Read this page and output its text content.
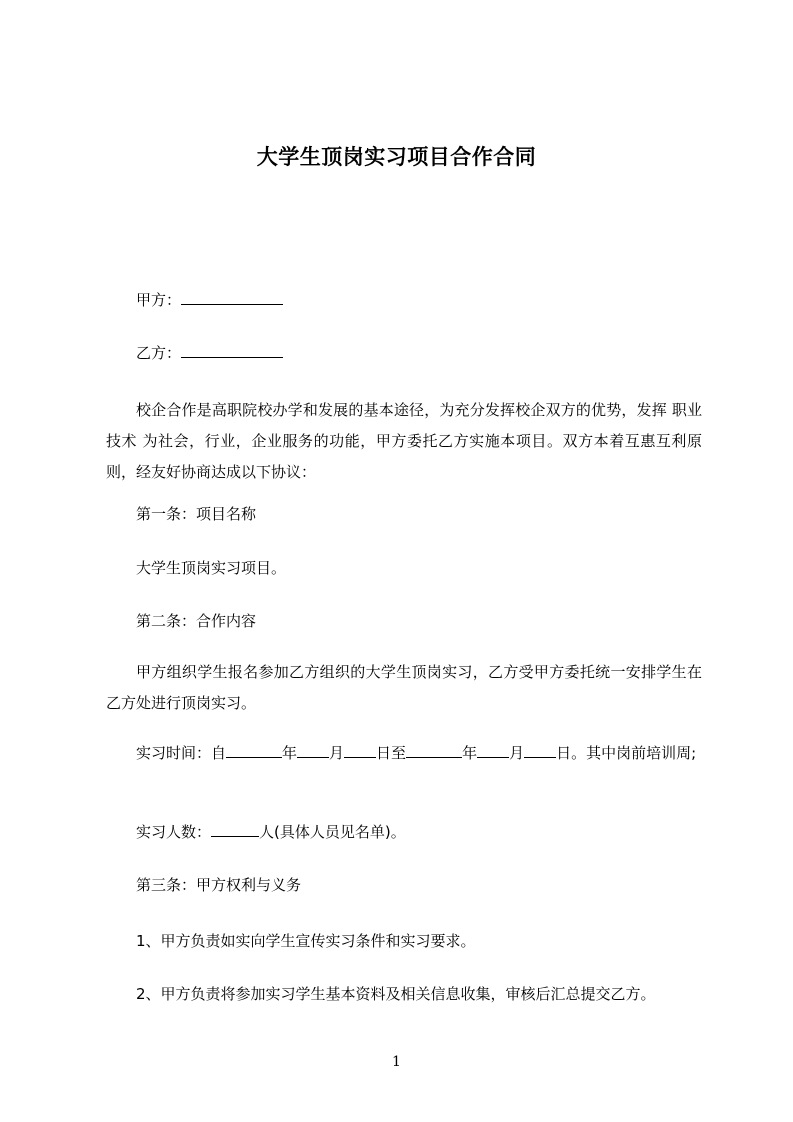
大学生顶岗实习项目合作合同
甲方：
乙方：
校企合作是高职院校办学和发展的基本途径，为充分发挥校企双方的优势，发挥 职业技术 为社会，行业，企业服务的功能，甲方委托乙方实施本项目。双方本着互惠互利原则，经友好协商达成以下协议：
第一条：项目名称
大学生顶岗实习项目。
第二条：合作内容
甲方组织学生报名参加乙方组织的大学生顶岗实习，乙方受甲方委托统一安排学生在乙方处进行顶岗实习。
实习时间：自	年 月 日至	年 月 日。其中岗前培训周;
实习人数：	人(具体人员见名单)。
第三条：甲方权利与义务
1、甲方负责如实向学生宣传实习条件和实习要求。
2、甲方负责将参加实习学生基本资料及相关信息收集，审核后汇总提交乙方。
1
